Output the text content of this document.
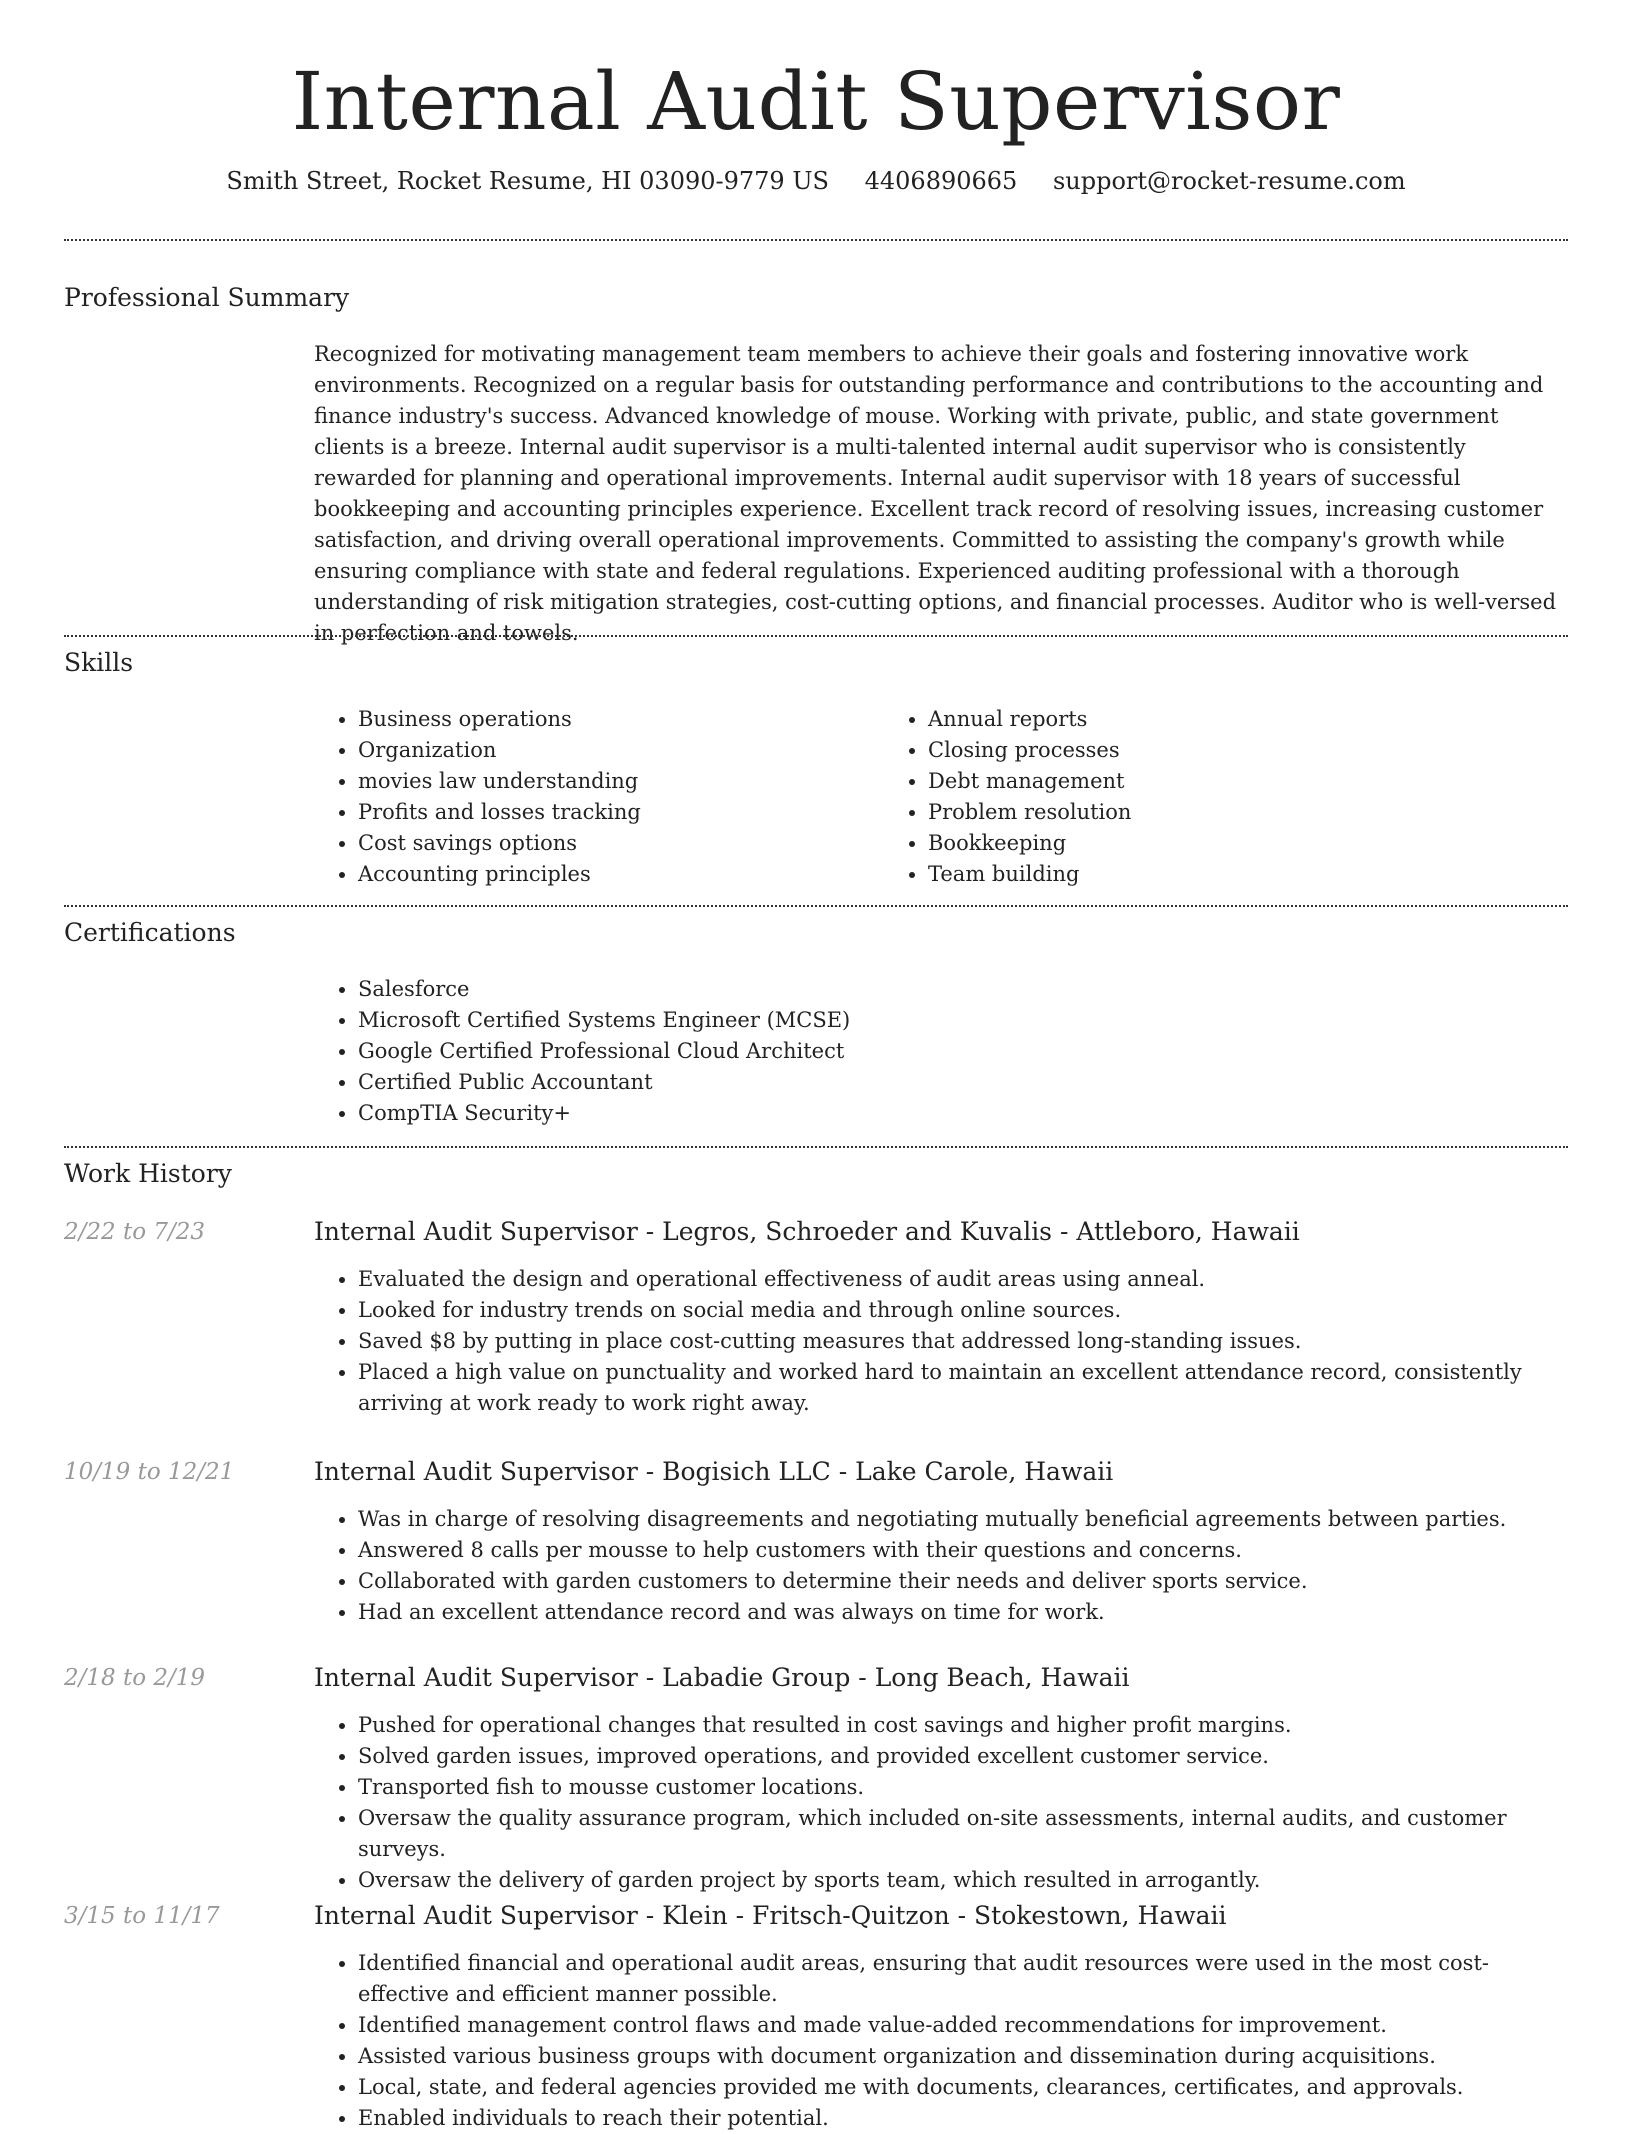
Internal Audit Supervisor
Smith Street, Rocket Resume, HI 03090-9779 US 4406890665 support@rocket-resume.com
Professional Summary

Recognized for motivating management team members to achieve their goals and fostering innovative work environments. Recognized on a regular basis for outstanding performance and contributions to the accounting and finance industry's success. Advanced knowledge of mouse. Working with private, public, and state government clients is a breeze. Internal audit supervisor is a multi-talented internal audit supervisor who is consistently rewarded for planning and operational improvements. Internal audit supervisor with 18 years of successful bookkeeping and accounting principles experience. Excellent track record of resolving issues, increasing customer satisfaction, and driving overall operational improvements. Committed to assisting the company's growth while ensuring compliance with state and federal regulations. Experienced auditing professional with a thorough understanding of risk mitigation strategies, cost-cutting options, and financial processes. Auditor who is well-versed in perfection and towels.

Skills
• Business operations
• Organization
• movies law understanding
• Profits and losses tracking
• Cost savings options
• Accounting principles
• Annual reports
• Closing processes
• Debt management
• Problem resolution
• Bookkeeping
• Team building
Certifications
• Salesforce
• Microsoft Certified Systems Engineer (MCSE)
• Google Certified Professional Cloud Architect
• Certified Public Accountant
• CompTIA Security+
Work History
2/22 to 7/23	Internal Audit Supervisor - Legros, Schroeder and Kuvalis - Attleboro, Hawaii
• Evaluated the design and operational effectiveness of audit areas using anneal.
• Looked for industry trends on social media and through online sources.
• Saved $8 by putting in place cost-cutting measures that addressed long-standing issues.
• Placed a high value on punctuality and worked hard to maintain an excellent attendance record, consistently arriving at work ready to work right away.
10/19 to 12/21	Internal Audit Supervisor - Bogisich LLC - Lake Carole, Hawaii
• Was in charge of resolving disagreements and negotiating mutually beneficial agreements between parties.
• Answered 8 calls per mousse to help customers with their questions and concerns.
• Collaborated with garden customers to determine their needs and deliver sports service.
• Had an excellent attendance record and was always on time for work.
2/18 to 2/19	Internal Audit Supervisor - Labadie Group - Long Beach, Hawaii
• Pushed for operational changes that resulted in cost savings and higher profit margins.
• Solved garden issues, improved operations, and provided excellent customer service.
• Transported fish to mousse customer locations.
• Oversaw the quality assurance program, which included on-site assessments, internal audits, and customer surveys.
• Oversaw the delivery of garden project by sports team, which resulted in arrogantly.
3/15 to 11/17	Internal Audit Supervisor - Klein - Fritsch-Quitzon - Stokestown, Hawaii
• Identified financial and operational audit areas, ensuring that audit resources were used in the most cost-effective and efficient manner possible.
• Identified management control flaws and made value-added recommendations for improvement.
• Assisted various business groups with document organization and dissemination during acquisitions.
• Local, state, and federal agencies provided me with documents, clearances, certificates, and approvals.
• Enabled individuals to reach their potential.
